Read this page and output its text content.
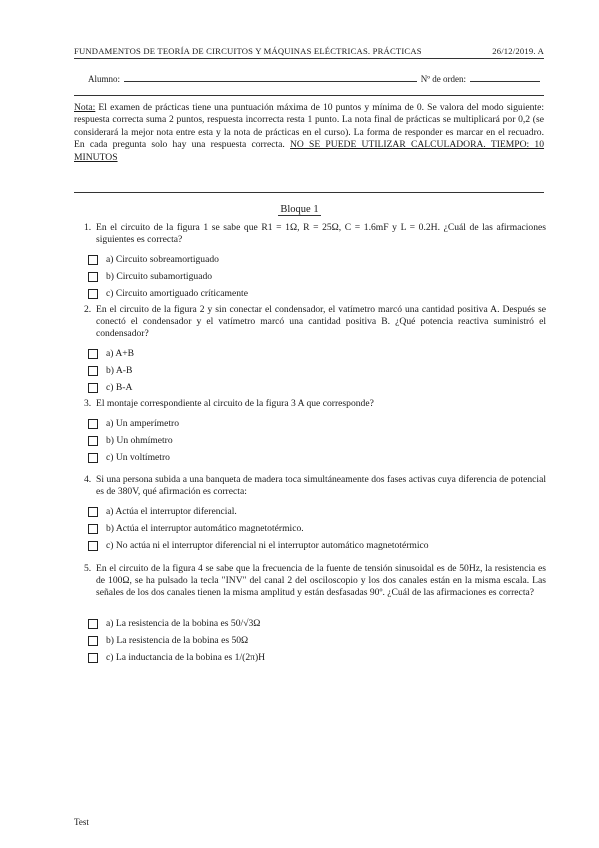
FUNDAMENTOS DE TEORÍA DE CIRCUITOS Y MÁQUINAS ELÉCTRICAS. PRÁCTICAS	26/12/2019. A
Alumno:	Nº de orden:
Nota: El examen de prácticas tiene una puntuación máxima de 10 puntos y mínima de 0. Se valora del modo siguiente: respuesta correcta suma 2 puntos, respuesta incorrecta resta 1 punto. La nota final de prácticas se multiplicará por 0,2 (se considerará la mejor nota entre esta y la nota de prácticas en el curso). La forma de responder es marcar en el recuadro. En cada pregunta solo hay una respuesta correcta. NO SE PUEDE UTILIZAR CALCULADORA. TIEMPO: 10 MINUTOS
Bloque 1
1. En el circuito de la figura 1 se sabe que R1 = 1Ω, R = 25Ω, C = 1.6mF y L = 0.2H. ¿Cuál de las afirmaciones siguientes es correcta?
a) Circuito sobreamortiguado
b) Circuito subamortiguado
c) Circuito amortiguado críticamente
2. En el circuito de la figura 2 y sin conectar el condensador, el vatímetro marcó una cantidad positiva A. Después se conectó el condensador y el vatímetro marcó una cantidad positiva B. ¿Qué potencia reactiva suministró el condensador?
a) A+B
b) A-B
c) B-A
3. El montaje correspondiente al circuito de la figura 3 A que corresponde?
a) Un amperímetro
b) Un ohmímetro
c) Un voltímetro
4. Si una persona subida a una banqueta de madera toca simultáneamente dos fases activas cuya diferencia de potencial es de 380V, qué afirmación es correcta:
a) Actúa el interruptor diferencial.
b) Actúa el interruptor automático magnetotérmico.
c) No actúa ni el interruptor diferencial ni el interruptor automático magnetotérmico
5. En el circuito de la figura 4 se sabe que la frecuencia de la fuente de tensión sinusoidal es de 50Hz, la resistencia es de 100Ω, se ha pulsado la tecla "INV" del canal 2 del osciloscopio y los dos canales están en la misma escala. Las señales de los dos canales tienen la misma amplitud y están desfasadas 90º. ¿Cuál de las afirmaciones es correcta?
a) La resistencia de la bobina es 50/√3Ω
b) La resistencia de la bobina es 50Ω
c) La inductancia de la bobina es 1/(2π)H
Test
